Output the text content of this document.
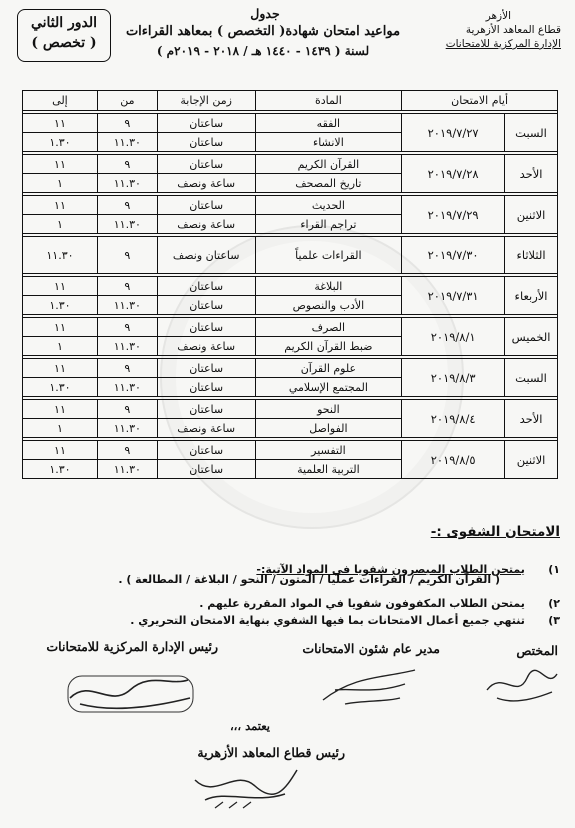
الدور الثاني
( تخصص )
جدول
مواعيد امتحان شهادة( التخصص ) بمعاهد القراءات
لسنة ( ١٤٣٩ - ١٤٤٠ هـ / ٢٠١٨ - ٢٠١٩م )
الأزهر
قطاع المعاهد الأزهرية
الإدارة المركزية للامتحانات
أيام الامتحان		المادة	زمن الإجابة	من	إلى

السبت	٢٠١٩/٧/٢٧	الفقه	ساعتان	٩	١١
		الانشاء	ساعتان	١١.٣٠	١.٣٠

الأحد	٢٠١٩/٧/٢٨	القرآن الكريم	ساعتان	٩	١١
		تاريخ المصحف	ساعة ونصف	١١.٣٠	١

الاثنين	٢٠١٩/٧/٢٩	الحديث	ساعتان	٩	١١
		تراجم القراء	ساعة ونصف	١١.٣٠	١

الثلاثاء	٢٠١٩/٧/٣٠	القراءات علمياً	ساعتان ونصف	٩	١١.٣٠

الأربعاء	٢٠١٩/٧/٣١	البلاغة	ساعتان	٩	١١
		الأدب والنصوص	ساعتان	١١.٣٠	١.٣٠

الخميس	٢٠١٩/٨/١	الصرف	ساعتان	٩	١١
		ضبط القرآن الكريم	ساعة ونصف	١١.٣٠	١

السبت	٢٠١٩/٨/٣	علوم القرآن	ساعتان	٩	١١
		المجتمع الإسلامي	ساعتان	١١.٣٠	١.٣٠

الأحد	٢٠١٩/٨/٤	النحو	ساعتان	٩	١١
		الفواصل	ساعة ونصف	١١.٣٠	١

الاثنين	٢٠١٩/٨/٥	التفسير	ساعتان	٩	١١
		التربية العلمية	ساعتان	١١.٣٠	١.٣٠
الامتحان الشفوى :-
١) يمتحن الطلاب المبصرون شفويا في المواد الآتية:-
( القرآن الكريم / القراءات عمليا / المتون / النحو / البلاغة / المطالعة ) .
٢) يمتحن الطلاب المكفوفون شفويا في المواد المقررة عليهم .
٣) تنتهي جميع أعمال الامتحانات بما فيها الشفوي بنهاية الامتحان التحريري .
رئيس الإدارة المركزية للامتحانات	مدير عام شئون الامتحانات	المختص
يعتمد ،،،
رئيس قطاع المعاهد الأزهرية
